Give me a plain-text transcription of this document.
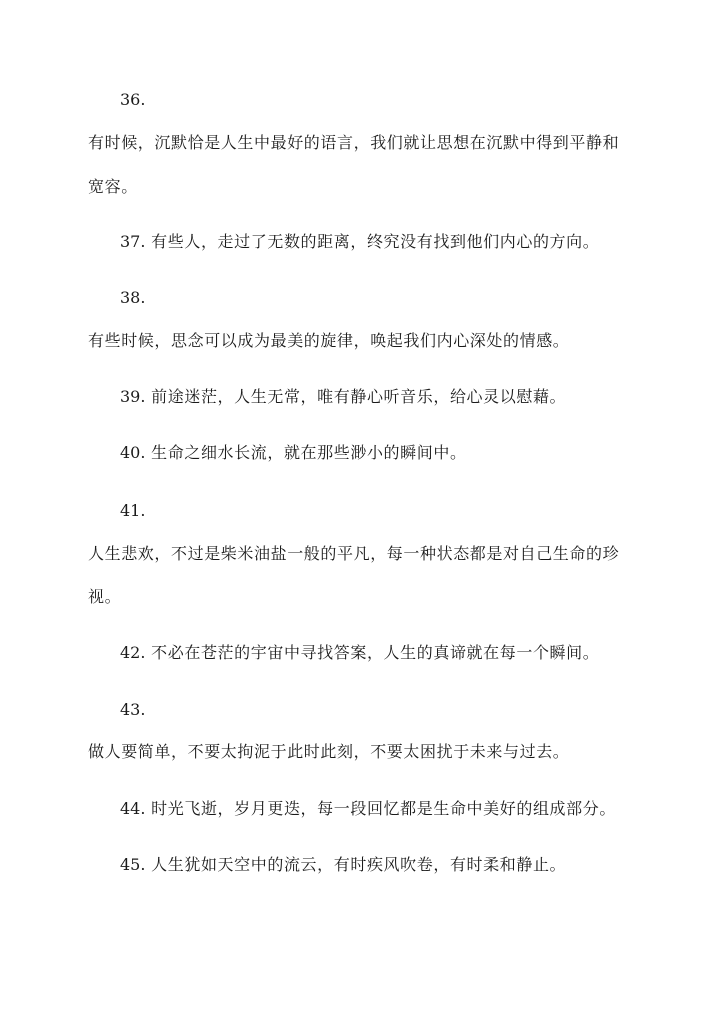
36.
有时候，沉默恰是人生中最好的语言，我们就让思想在沉默中得到平静和
宽容。
37. 有些人，走过了无数的距离，终究没有找到他们内心的方向。
38.
有些时候，思念可以成为最美的旋律，唤起我们内心深处的情感。
39. 前途迷茫，人生无常，唯有静心听音乐，给心灵以慰藉。
40. 生命之细水长流，就在那些渺小的瞬间中。
41.
人生悲欢，不过是柴米油盐一般的平凡，每一种状态都是对自己生命的珍
视。
42. 不必在苍茫的宇宙中寻找答案，人生的真谛就在每一个瞬间。
43.
做人要简单，不要太拘泥于此时此刻，不要太困扰于未来与过去。
44. 时光飞逝，岁月更迭，每一段回忆都是生命中美好的组成部分。
45. 人生犹如天空中的流云，有时疾风吹卷，有时柔和静止。
